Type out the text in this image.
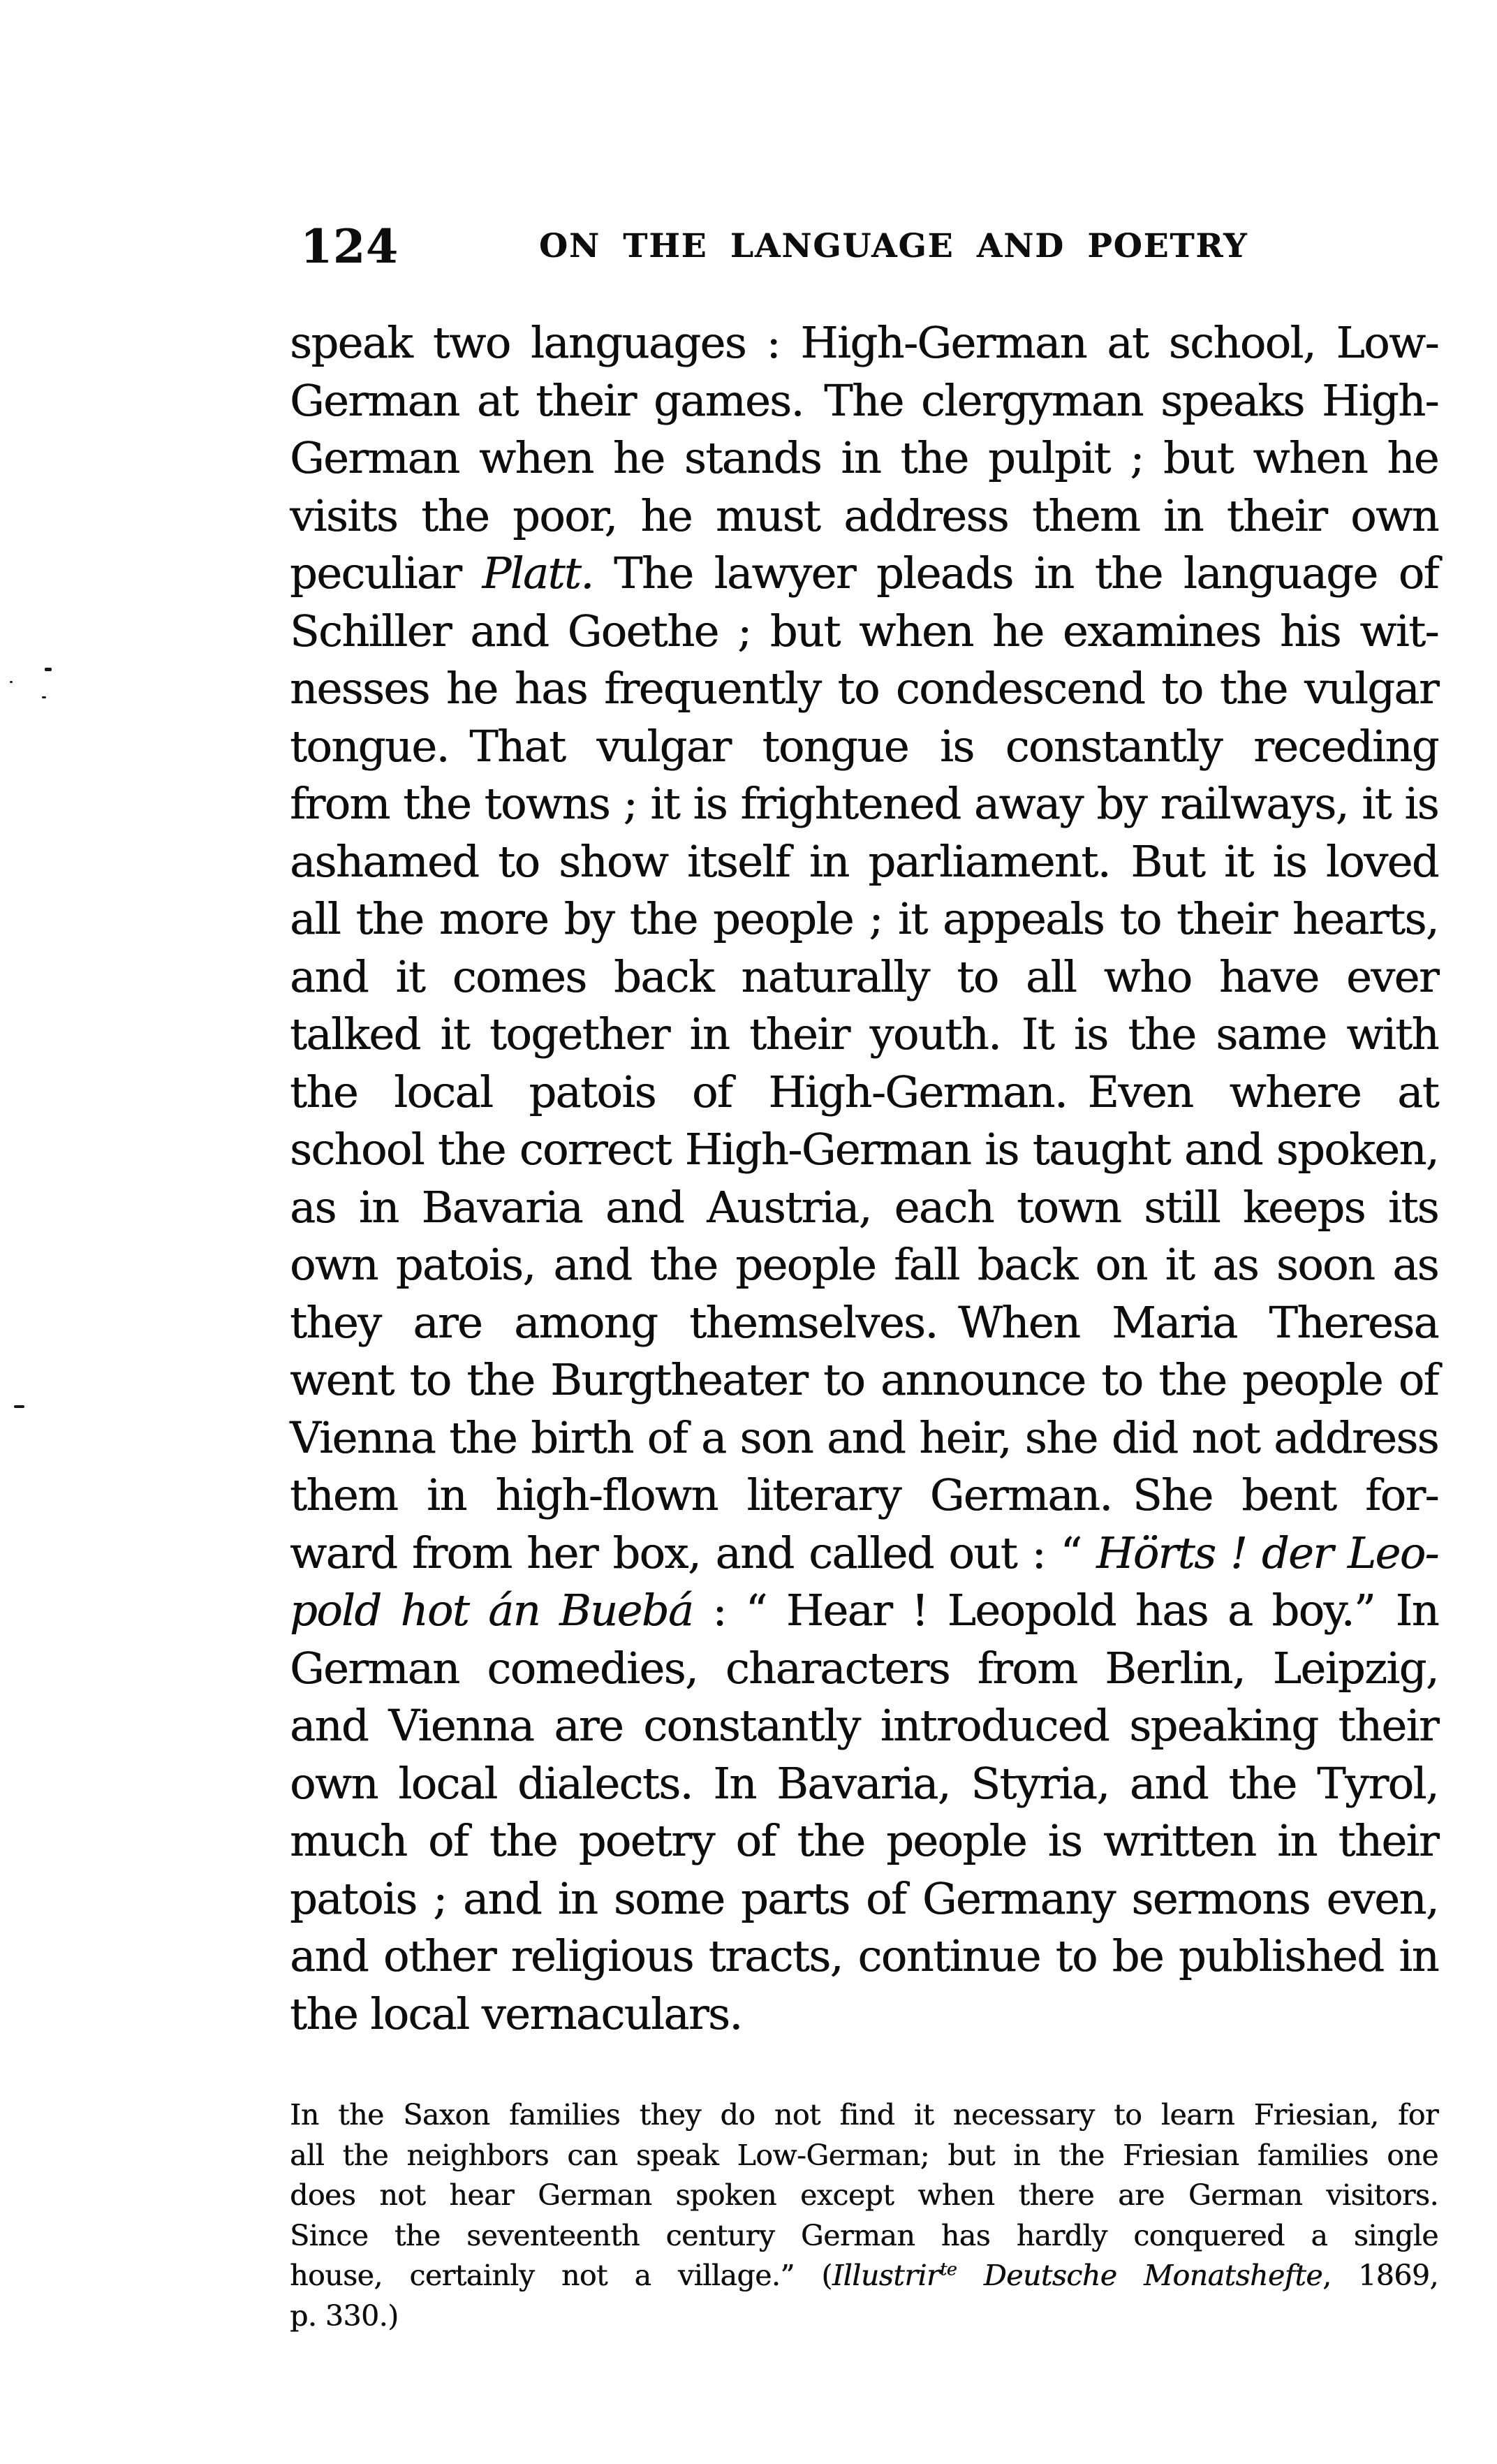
124	ON THE LANGUAGE AND POETRY
speak two languages : High-German at school, Low-
German at their games. The clergyman speaks High-
German when he stands in the pulpit ; but when he
visits the poor, he must address them in their own
peculiar Platt. The lawyer pleads in the language of
Schiller and Goethe ; but when he examines his wit-
nesses he has frequently to condescend to the vulgar
tongue. That vulgar tongue is constantly receding
from the towns ; it is frightened away by railways, it is
ashamed to show itself in parliament. But it is loved
all the more by the people ; it appeals to their hearts,
and it comes back naturally to all who have ever
talked it together in their youth. It is the same with
the local patois of High-German. Even where at
school the correct High-German is taught and spoken,
as in Bavaria and Austria, each town still keeps its
own patois, and the people fall back on it as soon as
they are among themselves. When Maria Theresa
went to the Burgtheater to announce to the people of
Vienna the birth of a son and heir, she did not address
them in high-flown literary German. She bent for-
ward from her box, and called out : “ Hörts ! der Leo-
pold hot án Buebá : “ Hear ! Leopold has a boy.” In
German comedies, characters from Berlin, Leipzig,
and Vienna are constantly introduced speaking their
own local dialects. In Bavaria, Styria, and the Tyrol,
much of the poetry of the people is written in their
patois ; and in some parts of Germany sermons even,
and other religious tracts, continue to be published in
the local vernaculars.
In the Saxon families they do not find it necessary to learn Friesian, for
all the neighbors can speak Low-German; but in the Friesian families one
does not hear German spoken except when there are German visitors.
Since the seventeenth century German has hardly conquered a single
house, certainly not a village.” (Illustrir$^{te}$ Deutsche Monatshefte, 1869,
p. 330.)
